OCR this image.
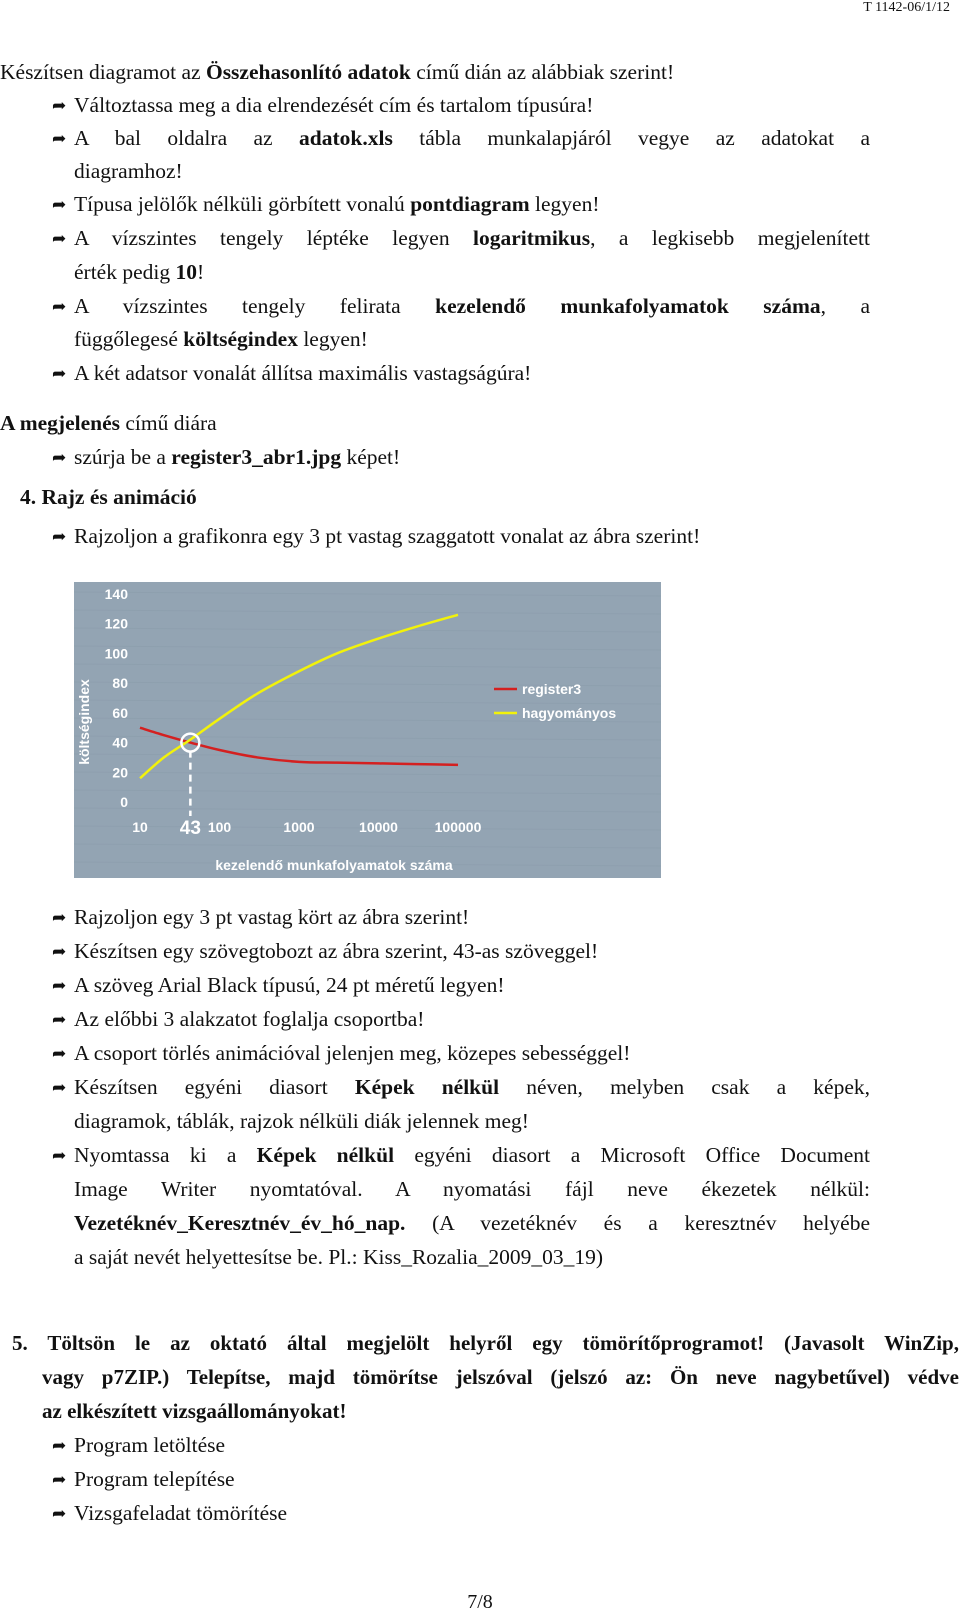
T 1142-06/1/12
Készítsen diagramot az Összehasonlító adatok című dián az alábbiak szerint!
➦ Változtassa meg a dia elrendezését cím és tartalom típusúra!
➦ A bal oldalra az adatok.xls tábla munkalapjáról vegye az adatokat a
diagramhoz!
➦ Típusa jelölők nélküli görbített vonalú pontdiagram legyen!
➦ A vízszintes tengely léptéke legyen logaritmikus, a legkisebb megjelenített
érték pedig 10!
➦ A vízszintes tengely felirata kezelendő munkafolyamatok száma, a
függőlegesé költségindex legyen!
➦ A két adatsor vonalát állítsa maximális vastagságúra!
A megjelenés című diára
➦ szúrja be a register3_abr1.jpg képet!
4. Rajz és animáció
➦ Rajzoljon a grafikonra egy 3 pt vastag szaggatott vonalat az ábra szerint!
0
20
40
60
80
100
120
140
10	100	1000	10000	100000
költségindex
kezelendő munkafolyamatok száma
43
register3
hagyományos
➦ Rajzoljon egy 3 pt vastag kört az ábra szerint!
➦ Készítsen egy szövegtobozt az ábra szerint, 43-as szöveggel!
➦ A szöveg Arial Black típusú, 24 pt méretű legyen!
➦ Az előbbi 3 alakzatot foglalja csoportba!
➦ A csoport törlés animációval jelenjen meg, közepes sebességgel!
➦ Készítsen egyéni diasort Képek nélkül néven, melyben csak a képek,
diagramok, táblák, rajzok nélküli diák jelennek meg!
➦ Nyomtassa ki a Képek nélkül egyéni diasort a Microsoft Office Document
Image Writer nyomtatóval. A nyomatási fájl neve ékezetek nélkül:
Vezetéknév_Keresztnév_év_hó_nap. (A vezetéknév és a keresztnév helyébe
a saját nevét helyettesítse be. Pl.: Kiss_Rozalia_2009_03_19)
5. Töltsön le az oktató által megjelölt helyről egy tömörítőprogramot! (Javasolt WinZip,
vagy p7ZIP.) Telepítse, majd tömörítse jelszóval (jelszó az: Ön neve nagybetűvel) védve
az elkészített vizsgaállományokat!
➦ Program letöltése
➦ Program telepítése
➦ Vizsgafeladat tömörítése
7/8
